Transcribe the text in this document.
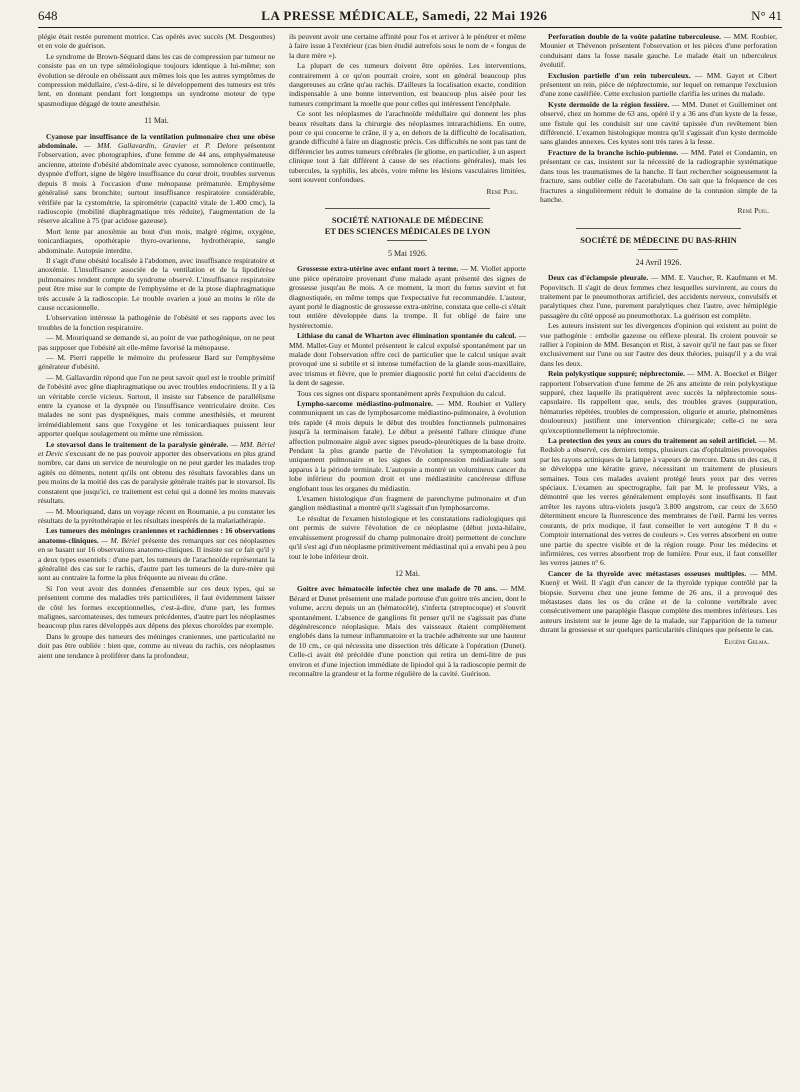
648	LA PRESSE MÉDICALE, Samedi, 22 Mai 1926	N° 41

plégie était restée purement motrice. Cas opérés avec succès (M. Desgouttes) et en voie de guérison.

Le syndrome de Brown-Séquard dans les cas de compression par tumeur ne consiste pas en un type séméiologique toujours identique à lui-même; son évolution se déroule en obéissant aux mêmes lois que les autres symptômes de compression médullaire, c'est-à-dire, si le développement des tumeurs est très lent, en donnant pendant fort longtemps un syndrome moteur de type spasmodique dégagé de toute anesthésie.

11 Mai.

Cyanose par insuffisance de la ventilation pulmonaire chez une obèse abdominale. — MM. Gallavardin, Gravier et P. Delore présentent l'observation, avec photographies, d'une femme de 44 ans, emphysémateuse ancienne, atteinte d'obésité abdominale avec cyanose, somnolence continuelle, dyspnée d'effort, signe de légère insuffisance du cœur droit, troubles survenus depuis 8 mois à l'occasion d'une ménopause prématurée. Emphysème généralisé sans bronchite; surtout insuffisance respiratoire considérable, vérifiée par la cystométrie, la spirométrie (capacité vitale de 1.400 cmc), la radioscopie (mobilité diaphragmatique très réduite), l'augmentation de la réserve alcaline à 75 (par acidose gazeuse).

Mort lente par anoxémie au bout d'un mois, malgré régime, oxygène, tonicardiaques, opothérapie thyro-ovarienne, hydrothérapie, sangle abdominale. Autopsie interdite.

Il s'agit d'une obésité localisée à l'abdomen, avec insuffisance respiratoire et anoxémie. L'insuffisance associée de la ventilation et de la lipodiérèse pulmonaires rendent compte du syndrome observé. L'insuffisance respiratoire peut être mise sur le compte de l'emphysème et de la ptose diaphragmatique très accusée à la radioscopie. Le trouble ovarien a joué au moins le rôle de cause occasionnelle.

L'observation intéresse la pathogénie de l'obésité et ses rapports avec les troubles de la fonction respiratoire.

— M. Mouriquand se demande si, au point de vue pathogénique, on ne peut pas supposer que l'obésité ait elle-même favorisé la ménopause.

— M. Pierri rappelle le mémoire du professeur Bard sur l'emphysème générateur d'obésité.

— M. Gallavardin répond que l'on ne peut savoir quel est le trouble primitif de l'obésité avec gêne diaphragmatique ou avec troubles endocriniens. Il y a là un véritable cercle vicieux. Surtout, il insiste sur l'absence de parallélisme entre la cyanose et la dyspnée ou l'insuffisance ventriculaire droite. Ces malades ne sont pas dyspnéiques, mais comme anesthésiés, et meurent irrémédiablement sans que l'oxygène et les tonicardiaques puissent leur apporter quelque soulagement ou même une rémission.

Le stovarsol dans le traitement de la paralysie générale. — MM. Bériel et Devic s'excusant de ne pas pouvoir apporter des observations en plus grand nombre, car dans un service de neurologie on ne peut garder les malades trop agités ou déments, notent qu'ils ont obtenu des résultats favorables dans un peu moins de la moitié des cas de paralysie générale traités par le stovarsol. Ils constatent que jusqu'ici, ce traitement est celui qui a donné les moins mauvais résultats.

— M. Mouriquand, dans un voyage récent en Roumanie, a pu constater les résultats de la pyrétothérapie et les résultats inespérés de la malariathérapie.

Les tumeurs des méninges craniennes et rachidiennes : 16 observations anatomo-cliniques. — M. Bériel présente des remarques sur ces néoplasmes en se basant sur 16 observations anatomo-cliniques. Il insiste sur ce fait qu'il y a deux types essentiels : d'une part, les tumeurs de l'arachnoïde représentant la généralité des cas sur le rachis, d'autre part les tumeurs de la dure-mère qui sont au contraire la forme la plus fréquente au niveau du crâne.

Si l'on veut avoir des données d'ensemble sur ces deux types, qui se présentent comme des maladies très particulières, il faut évidemment laisser de côté les formes exceptionnelles, c'est-à-dire, d'une part, les formes malignes, sarcomateuses, des tumeurs précédentes, d'autre part les néoplasmes beaucoup plus rares développés aux dépens des plexus choroïdes par exemple.

Dans le groupe des tumeurs des méninges craniennes, une particularité ne doit pas être oubliée : bien que, comme au niveau du rachis, ces néoplasmes aient une tendance à proliférer dans la profondeur,

ils peuvent avoir une certaine affinité pour l'os et arriver à le pénétrer et même à faire issue à l'extérieur (cas bien étudié autrefois sous le nom de « fongus de la dure mère »).

La plupart de ces tumeurs doivent être opérées. Les interventions, contrairement à ce qu'on pourrait croire, sont en général beaucoup plus dangereuses au crâne qu'au rachis. D'ailleurs la localisation exacte, condition indispensable à une bonne intervention, est beaucoup plus aisée pour les tumeurs comprimant la moelle que pour celles qui intéressent l'encéphale.

Ce sont les néoplasmes de l'arachnoïde médullaire qui donnent les plus beaux résultats dans la chirurgie des néoplasmes intrarachidiens. En outre, pour ce qui concerne le crâne, il y a, en dehors de la difficulté de localisation, grande difficulté à faire un diagnostic précis. Ces difficultés ne sont pas tant de différencier les autres tumeurs cérébrales (le gliome, en particulier, à un aspect clinique tout à fait différent à cause de ses réactions générales), mais les tubercules, la syphilis, les abcès, voire même les lésions vasculaires limitées, sont souvent confondues.

René Puig.
SOCIÉTÉ NATIONALE DE MÉDECINE
ET DES SCIENCES MÉDICALES DE LYON
5 Mai 1926.

Grossesse extra-utérine avec enfant mort à terme. — M. Viollet apporte une pièce opératoire provenant d'une malade ayant présenté des signes de grossesse jusqu'au 8e mois. A ce moment, la mort du fœtus survint et fut diagnostiquée, en même temps que l'expectative fut recommandée. L'auteur, ayant porté le diagnostic de grossesse extra-utérine, constata que celle-ci s'était tout entière développée dans la trompe. Il fut obligé de faire une hystérectomie.

Lithiase du canal de Wharton avec élimination spontanée du calcul. — MM. Mallet-Guy et Montel présentent le calcul expulsé spontanément par un malade dont l'observation offre ceci de particulier que le calcul unique avait provoqué une si subtile et si intense tuméfaction de la glande sous-maxillaire, avec trismus et fièvre, que le premier diagnostic porté fut celui d'accidents de la dent de sagesse.

Tous ces signes ont disparu spontanément après l'expulsion du calcul.

Lympho-sarcome médiastino-pulmonaire. — MM. Roubier et Vallery communiquent un cas de lymphosarcome médiastino-pulmonaire, à évolution très rapide (4 mois depuis le début des troubles fonctionnels pulmonaires jusqu'à la terminaison fatale). Le début a présenté l'allure clinique d'une affection pulmonaire aiguë avec signes pseudo-pleurétiques de la base droite. Pendant la plus grande partie de l'évolution la symptomatologie fut uniquement pulmonaire et les signes de compression médiastinale sont apparus à la période terminale. L'autopsie a montré un volumineux cancer du lobe inférieur du poumon droit et une médiastinite cancéreuse diffuse englobant tous les organes du médiastin.

L'examen histologique d'un fragment de parenchyme pulmonaire et d'un ganglion médiastinal a montré qu'il s'agissait d'un lymphosarcome.

Le résultat de l'examen histologique et les constatations radiologiques qui ont permis de suivre l'évolution de ce néoplasme (début juxta-hilaire, envahissement progressif du champ pulmonaire droit) permettent de conclure qu'il s'est agi d'un néoplasme primitivement médiastinal qui a envahi peu à peu tout le lobe inférieur droit.

12 Mai.

Goitre avec hématocèle infectée chez une malade de 70 ans. — MM. Bérard et Dunet présentent une malade porteuse d'un goitre très ancien, dont le volume, accru depuis un an (hématocèle), s'infecta (streptocoque) et s'ouvrit spontanément. L'absence de ganglions fit penser qu'il ne s'agissait pas d'une dégénérescence néoplasique. Mais des vaisseaux étaient complètement englobés dans la tumeur inflammatoire et la trachée adhérente sur une hauteur de 10 cm., ce qui nécessita une dissection très délicate à l'opération (Dunet). Celle-ci avait été précédée d'une ponction qui retira un demi-litre de pus environ et d'une injection immédiate de lipiodol qui à la radioscopie permit de reconnaître la grandeur et la forme régulière de la cavité. Guérison.

Perforation double de la voûte palatine tuberculeuse. — MM. Roubier, Mounier et Thévenon présentent l'observation et les pièces d'une perforation conduisant dans la fosse nasale gauche. Le malade était un tuberculeux évolutif.

Exclusion partielle d'un rein tuberculeux. — MM. Gayet et Cibert présentent un rein, pièce de néphrectomie, sur lequel on remarque l'exclusion d'une zone caséifiée. Cette exclusion partielle clarifia les urines du malade.

Kyste dermoïde de la région fessière. — MM. Dunet et Guilleminet ont observé, chez un homme de 63 ans, opéré il y a 36 ans d'un kyste de la fesse, une fistule qui les conduisit sur une cavité tapissée d'un revêtement bien différencié. L'examen histologique montra qu'il s'agissait d'un kyste dermoïde sans glandes annexes. Ces kystes sont très rares à la fesse.

Fracture de la branche ischio-pubienne. — MM. Patel et Condamin, en présentant ce cas, insistent sur la nécessité de la radiographie systématique dans tous les traumatismes de la hanche. Il faut rechercher soigneusement la fracture, sans oublier celle de l'acetabulum. On sait que la fréquence de ces fractures a singulièrement réduit le domaine de la contusion simple de la hanche.

René Puig.
SOCIÉTÉ DE MÉDECINE DU BAS-RHIN
24 Avril 1926.

Deux cas d'éclampsie pleurale. — MM. E. Vaucher, R. Kaufmann et M. Popovitsch. Il s'agit de deux femmes chez lesquelles survinrent, au cours du traitement par le pneumothorax artificiel, des accidents nerveux, convulsifs et paralytiques chez l'une, purement paralytiques chez l'autre, avec hémiplégie passagère du côté opposé au pneumothorax. La guérison est complète.

Les auteurs insistent sur les divergences d'opinion qui existent au point de vue pathogénie : embolie gazeuse ou réflexe pleural. Ils croient pouvoir se rallier à l'opinion de MM. Besançon et Rist, à savoir qu'il ne faut pas se fixer exclusivement sur l'une ou sur l'autre des deux théories, puisqu'il y a du vrai dans les deux.

Rein polykystique suppuré; néphrectomie. — MM. A. Boeckel et Bilger rapportent l'observation d'une femme de 26 ans atteinte de rein polykystique suppuré, chez laquelle ils pratiquèrent avec succès la néphrectomie sous-capsulaire. Ils rappellent que, seuls, des troubles graves (suppuration, hématuries répétées, troubles de compression, oligurie et anurie, phénomènes douloureux) justifient une intervention chirurgicale; celle-ci ne sera qu'exceptionnellement la néphrectomie.

La protection des yeux au cours du traitement au soleil artificiel. — M. Redslob a observé, ces derniers temps, plusieurs cas d'ophtalmies provoquées par les rayons actiniques de la lampe à vapeurs de mercure. Dans un des cas, il se développa une kératite grave, nécessitant un traitement de plusieurs semaines. Tous ces malades avaient protégé leurs yeux par des verres spéciaux. L'examen au spectrographe, fait par M. le professeur Vlès, a démontré que les verres généralement employés sont insuffisants. Il faut arrêter les rayons ultra-violets jusqu'à 3.800 angstrom, car ceux de 3.650 déterminent encore la fluorescence des membranes de l'œil. Parmi les verres courants, de prix modique, il faut conseiller le vert autogène T 8 du « Comptoir international des verres de couleurs ». Ces verres absorbent en outre une partie du spectre visible et de la région rouge. Pour les médecins et infirmières, ces verres absorbent trop de lumière. Pour eux, il faut conseiller les verres jaunes n° 6.

Cancer de la thyroïde avec métastases osseuses multiples. — MM. Kuenÿ et Weil. Il s'agit d'un cancer de la thyroïde typique contrôlé par la biopsie. Survenu chez une jeune femme de 26 ans, il a provoqué des métastases dans les os du crâne et de la colonne vertébrale avec consécutivement une paraplégie flasque complète des membres inférieurs. Les auteurs insistent sur le jeune âge de la malade, sur l'apparition de la tumeur durant la grossesse et sur quelques particularités cliniques que présente le cas.

Eugène Gelma.
